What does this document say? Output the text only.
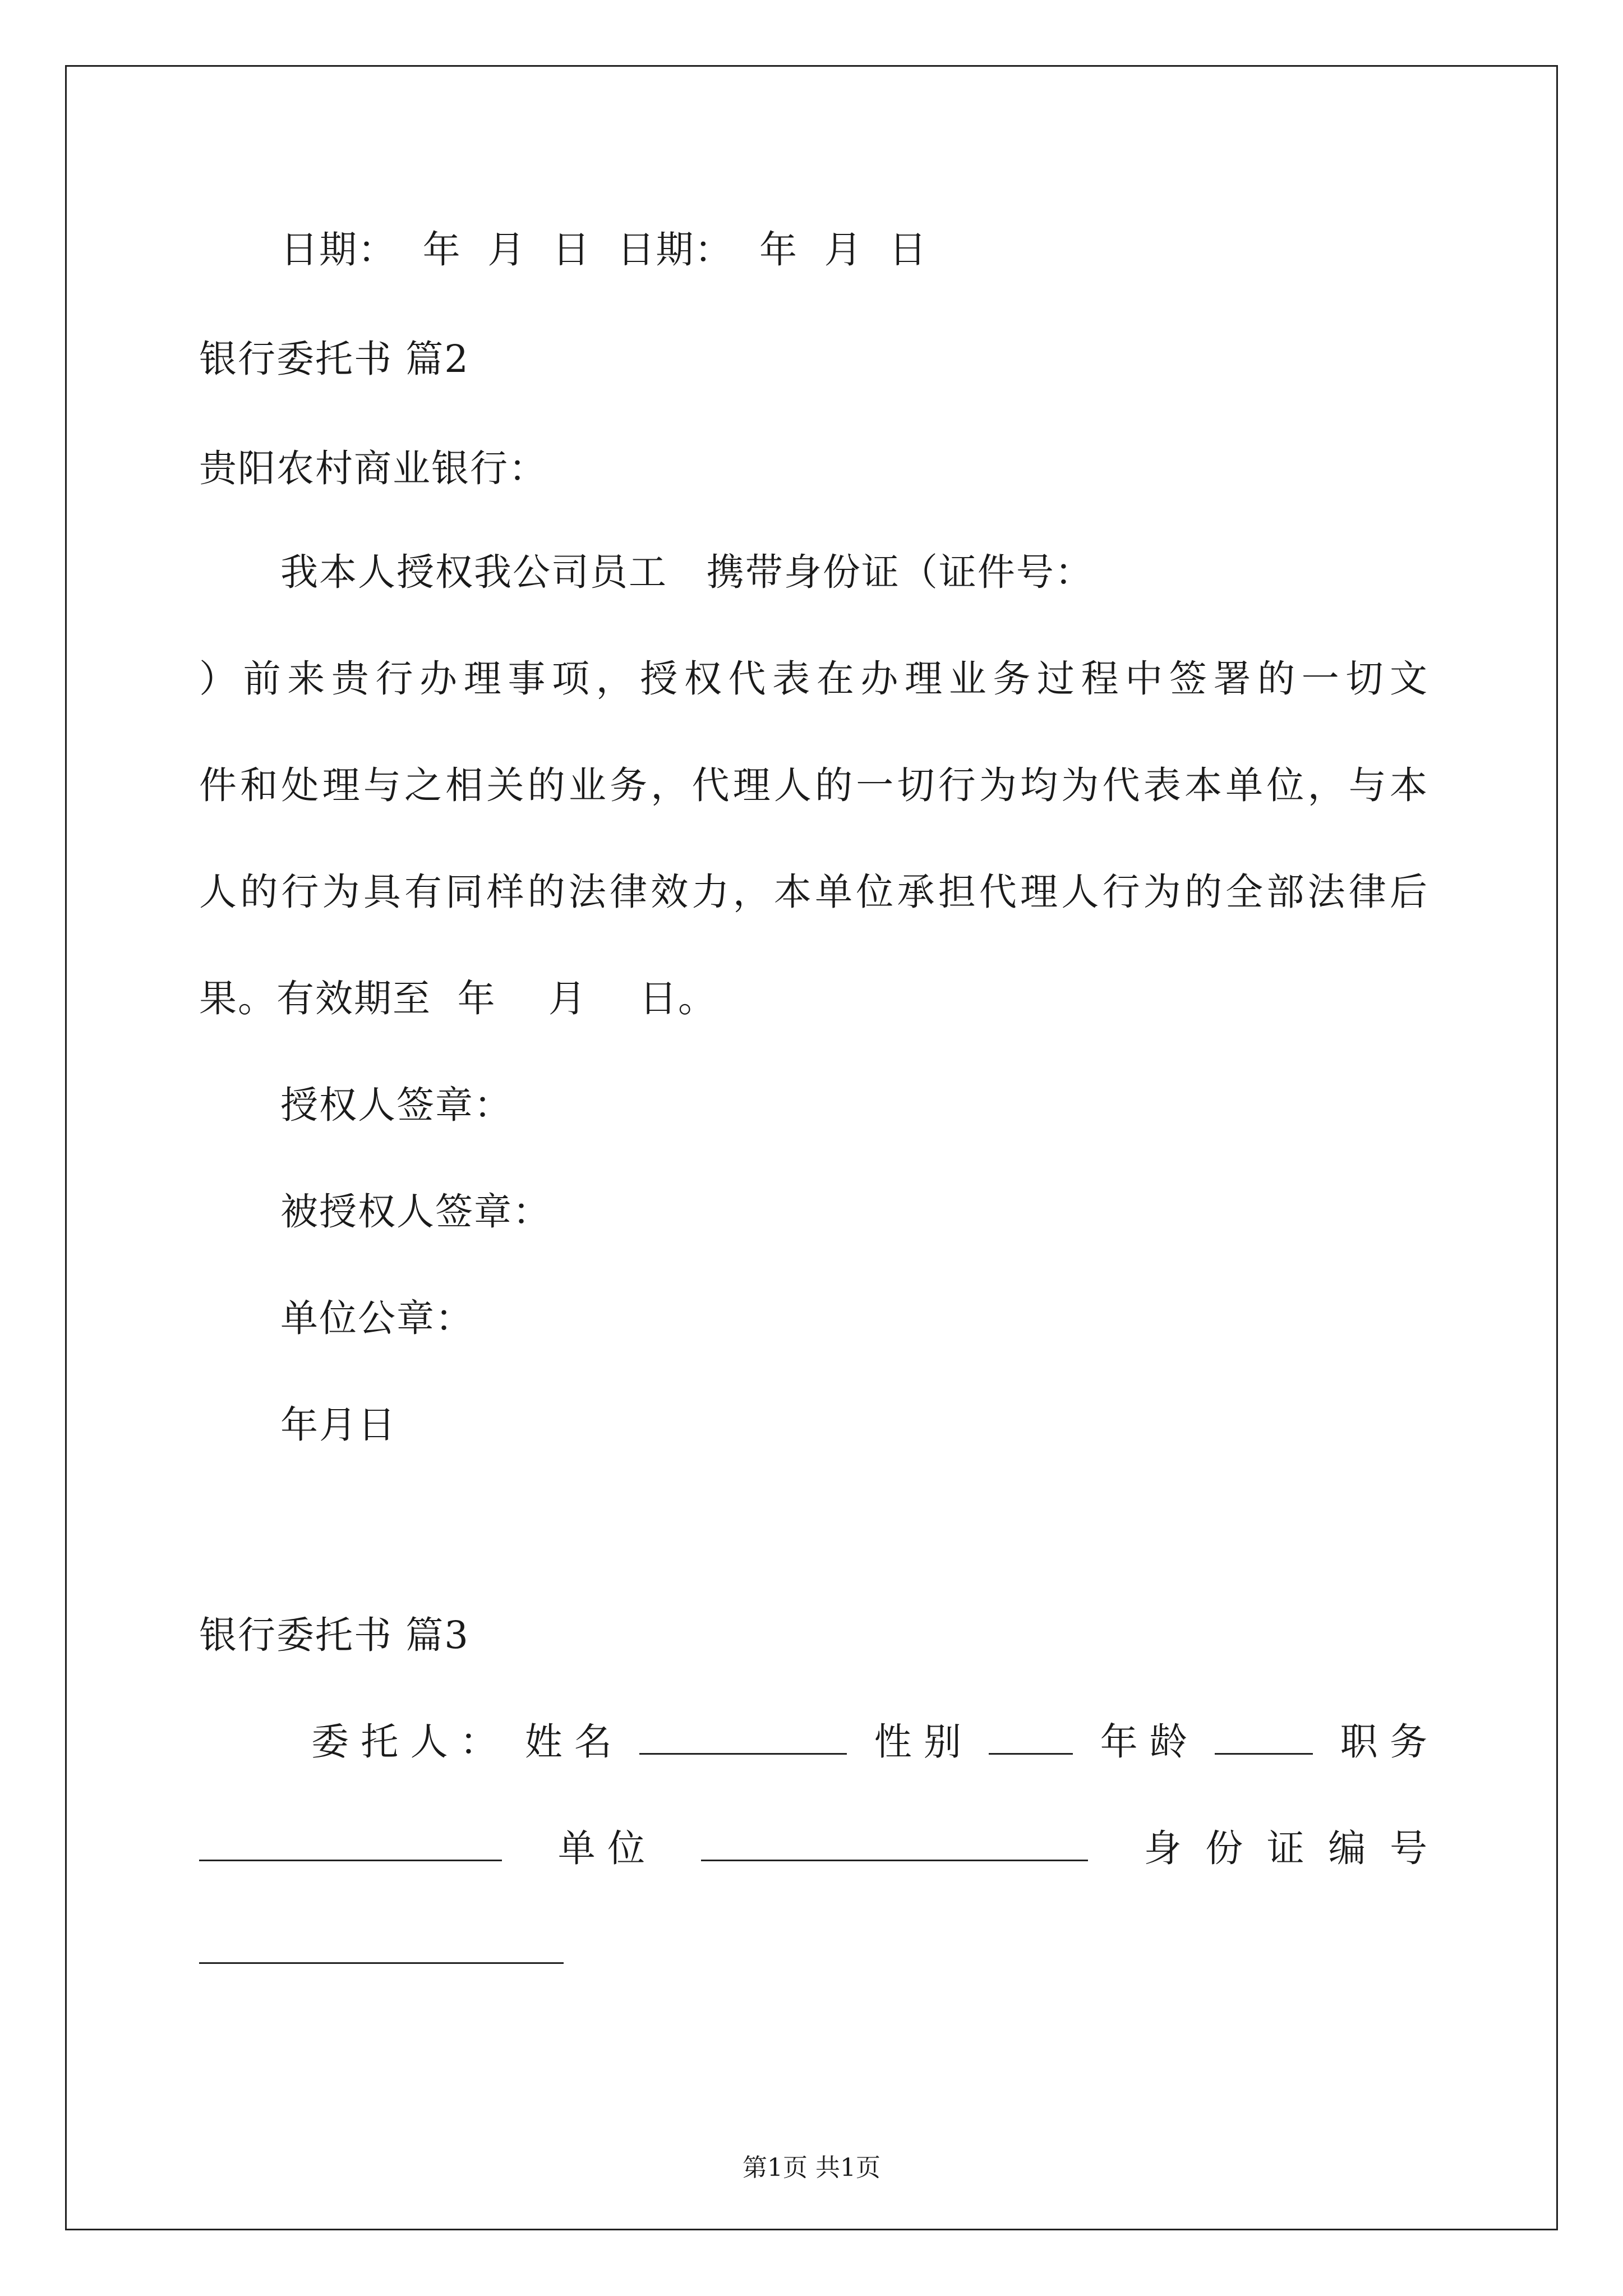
日期：  年  月  日  日期：  年  月  日
银行委托书 篇2
贵阳农村商业银行：
我本人授权我公司员工   携带身份证（证件号：
）前来贵行办理事项，授权代表在办理业务过程中签署的一切文
件和处理与之相关的业务，代理人的一切行为均为代表本单位，与本
人的行为具有同样的法律效力，本单位承担代理人行为的全部法律后
果。有效期至  年    月    日。
授权人签章：
被授权人签章：
单位公章：
年月日
银行委托书 篇3
委 托 人 ： 姓 名	性 别	年 龄	职 务
单 位	身  份  证  编  号
第1页 共1页
